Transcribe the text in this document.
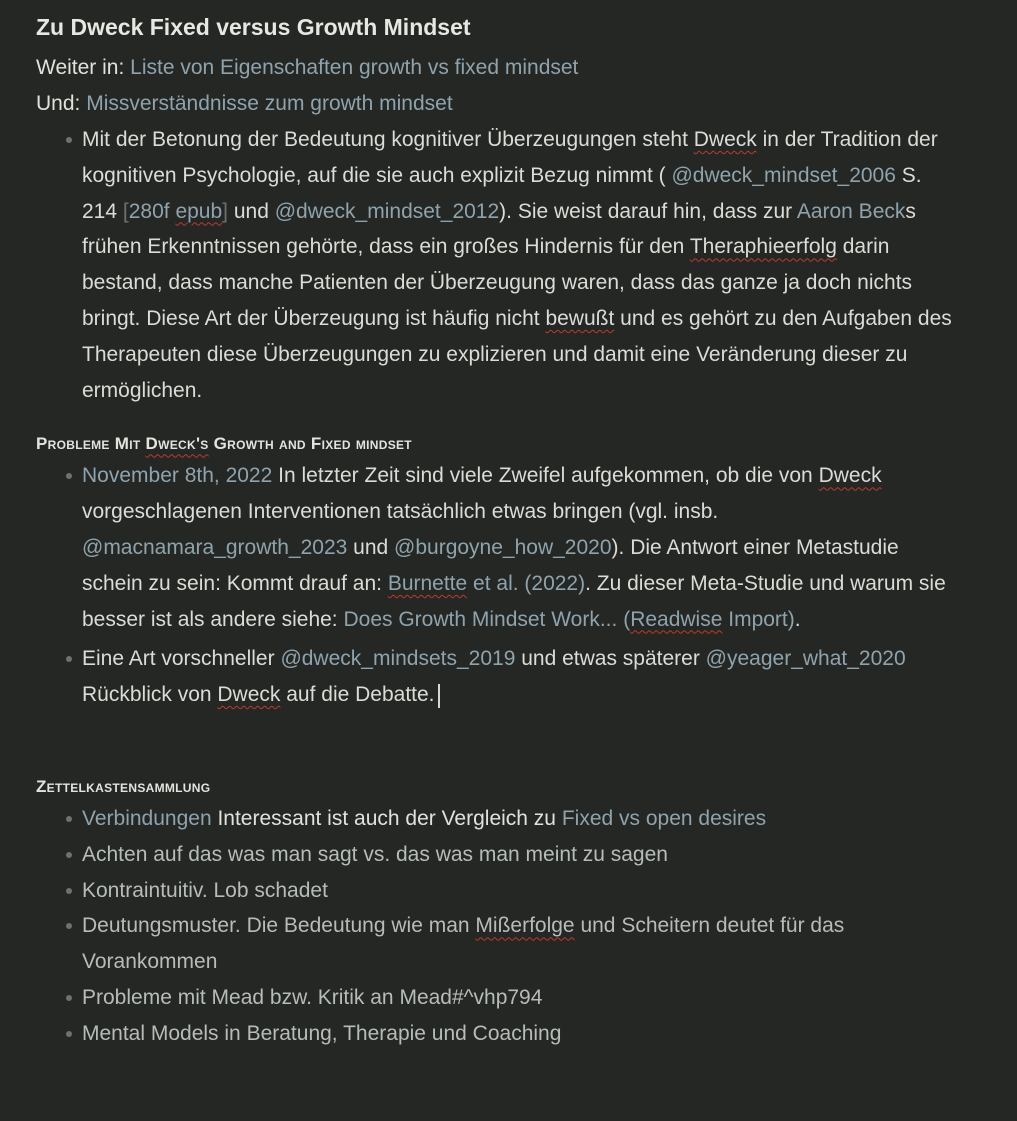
Zu Dweck Fixed versus Growth Mindset
Weiter in: Liste von Eigenschaften growth vs fixed mindset
Und: Missverständnisse zum growth mindset
Mit der Betonung der Bedeutung kognitiver Überzeugungen steht Dweck in der Tradition der kognitiven Psychologie, auf die sie auch explizit Bezug nimmt ( @dweck_mindset_2006 S. 214 [280f epub] und @dweck_mindset_2012). Sie weist darauf hin, dass zur Aaron Becks frühen Erkenntnissen gehörte, dass ein großes Hindernis für den Theraphieerfolg darin bestand, dass manche Patienten der Überzeugung waren, dass das ganze ja doch nichts bringt. Diese Art der Überzeugung ist häufig nicht bewußt und es gehört zu den Aufgaben des Therapeuten diese Überzeugungen zu explizieren und damit eine Veränderung dieser zu ermöglichen.
Probleme Mit Dweck's Growth and Fixed mindset
November 8th, 2022 In letzter Zeit sind viele Zweifel aufgekommen, ob die von Dweck vorgeschlagenen Interventionen tatsächlich etwas bringen (vgl. insb. @macnamara_growth_2023 und @burgoyne_how_2020). Die Antwort einer Metastudie schein zu sein: Kommt drauf an: Burnette et al. (2022). Zu dieser Meta-Studie und warum sie besser ist als andere siehe: Does Growth Mindset Work... (Readwise Import).
Eine Art vorschneller @dweck_mindsets_2019 und etwas späterer @yeager_what_2020 Rückblick von Dweck auf die Debatte.
Zettelkastensammlung
Verbindungen Interessant ist auch der Vergleich zu Fixed vs open desires
Achten auf das was man sagt vs. das was man meint zu sagen
Kontraintuitiv. Lob schadet
Deutungsmuster. Die Bedeutung wie man Mißerfolge und Scheitern deutet für das Vorankommen
Probleme mit Mead bzw. Kritik an Mead#^vhp794
Mental Models in Beratung, Therapie und Coaching
